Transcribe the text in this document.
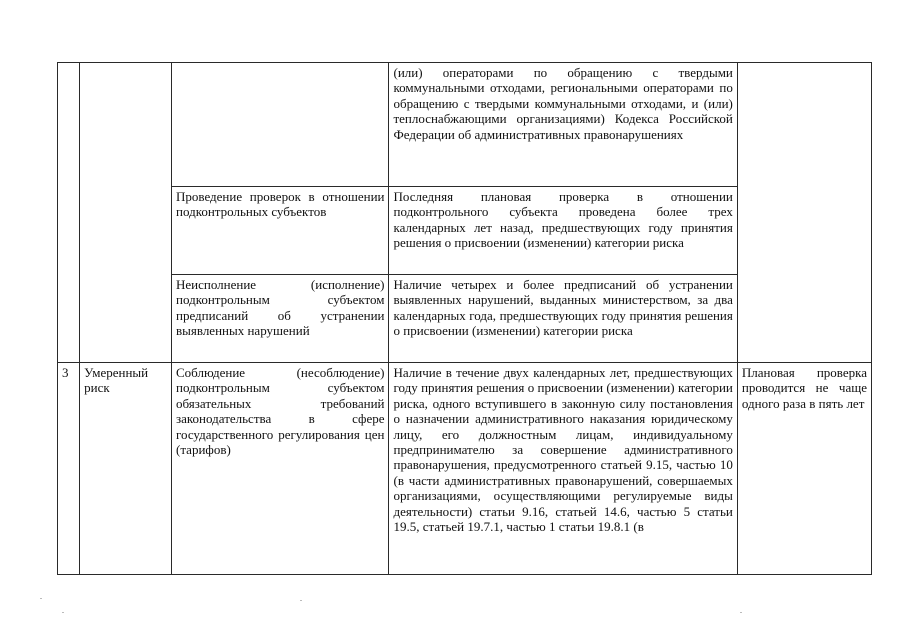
			(или) операторами по обращению с твердыми коммунальными отходами, региональными операторами по обращению с твердыми коммунальными отходами, и (или) теплоснабжающими организациями) Кодекса Российской Федерации об административных правонарушениях	
		Проведение проверок в отношении подконтрольных субъектов	Последняя плановая проверка в отношении подконтрольного субъекта проведена более трех календарных лет назад, предшествующих году принятия решения о присвоении (изменении) категории риска	
		Неисполнение (исполнение) подконтрольным субъектом предписаний об устранении выявленных нарушений	Наличие четырех и более предписаний об устранении выявленных нарушений, выданных министерством, за два календарных года, предшествующих году принятия решения о присвоении (изменении) категории риска	
3	Умеренный риск	Соблюдение (несоблюдение) подконтрольным субъектом обязательных требований законодательства в сфере государственного регулирования цен (тарифов)	Наличие в течение двух календарных лет, предшествующих году принятия решения о присвоении (изменении) категории риска, одного вступившего в законную силу постановления о назначении административного наказания юридическому лицу, его должностным лицам, индивидуальному предпринимателю за совершение административного правонарушения, предусмотренного статьей 9.15, частью 10 (в части административных правонарушений, совершаемых организациями, осуществляющими регулируемые виды деятельности) статьи 9.16, статьей 14.6, частью 5 статьи 19.5, статьей 19.7.1, частью 1 статьи 19.8.1 (в	Плановая проверка проводится не чаще одного раза в пять лет
